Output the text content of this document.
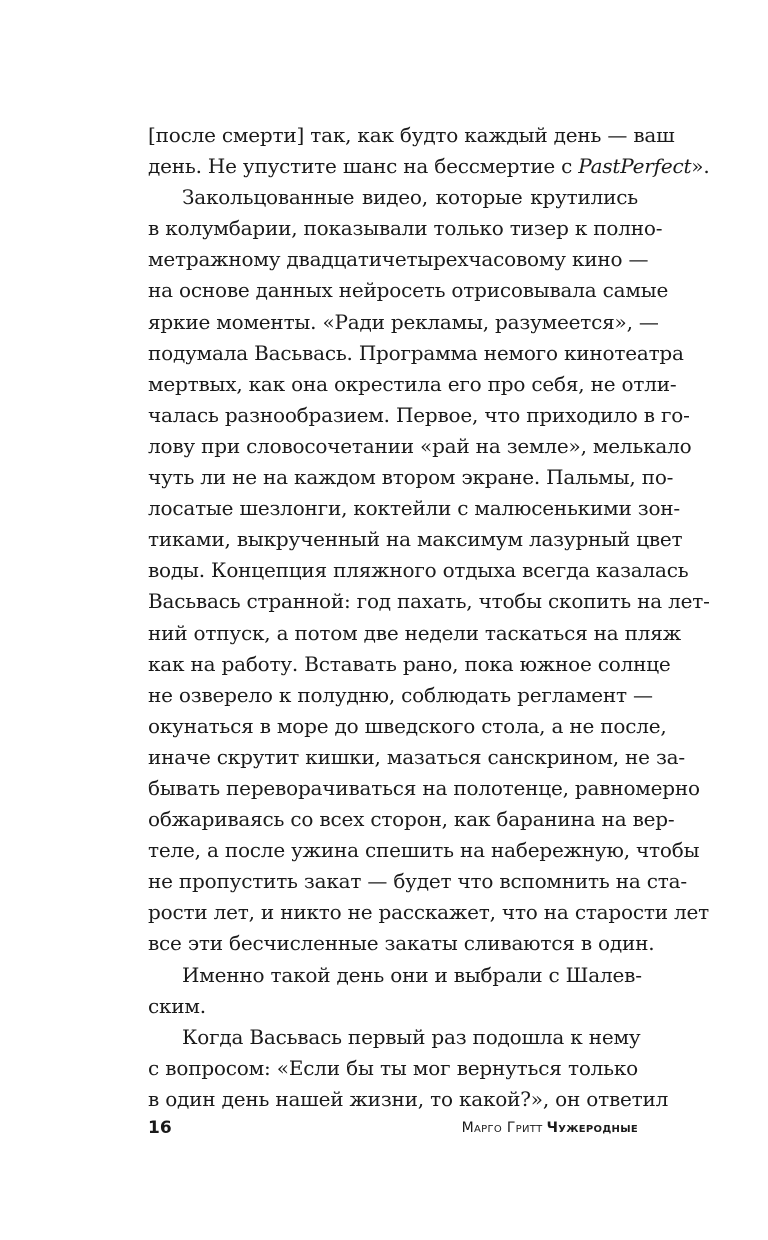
[после смерти] так, как будто каждый день — ваш
день. Не упустите шанс на бессмертие с PastPerfect».
Закольцованные видео, которые крутились
в колумбарии, показывали только тизер к полно-
метражному двадцатичетырехчасовому кино —
на основе данных нейросеть отрисовывала самые
яркие моменты. «Ради рекламы, разумеется», —
подумала Васьвась. Программа немого кинотеатра
мертвых, как она окрестила его про себя, не отли-
чалась разнообразием. Первое, что приходило в го-
лову при словосочетании «рай на земле», мелькало
чуть ли не на каждом втором экране. Пальмы, по-
лосатые шезлонги, коктейли с малюсенькими зон-
тиками, выкрученный на максимум лазурный цвет
воды. Концепция пляжного отдыха всегда казалась
Васьвась странной: год пахать, чтобы скопить на лет-
ний отпуск, а потом две недели таскаться на пляж
как на работу. Вставать рано, пока южное солнце
не озверело к полудню, соблюдать регламент —
окунаться в море до шведского стола, а не после,
иначе скрутит кишки, мазаться санскрином, не за-
бывать переворачиваться на полотенце, равномерно
обжариваясь со всех сторон, как баранина на вер-
теле, а после ужина спешить на набережную, чтобы
не пропустить закат — будет что вспомнить на ста-
рости лет, и никто не расскажет, что на старости лет
все эти бесчисленные закаты сливаются в один.
Именно такой день они и выбрали с Шалев-
ским.
Когда Васьвась первый раз подошла к нему
с вопросом: «Если бы ты мог вернуться только
в один день нашей жизни, то какой?», он ответил
16	Марго Гритт Чужеродные
